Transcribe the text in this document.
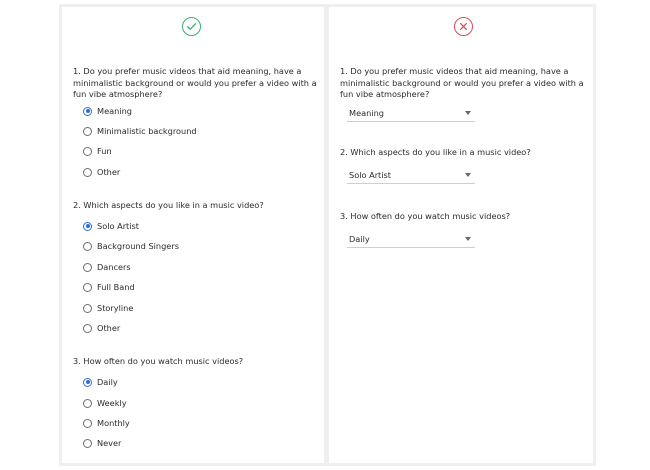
1. Do you prefer music videos that aid meaning, have a minimalistic background or would you prefer a video with a fun vibe atmosphere?
Meaning
Minimalistic background
Fun
Other
2. Which aspects do you like in a music video?
Solo Artist
Background Singers
Dancers
Full Band
Storyline
Other
3. How often do you watch music videos?
Daily
Weekly
Monthly
Never
1. Do you prefer music videos that aid meaning, have a minimalistic background or would you prefer a video with a fun vibe atmosphere?
Meaning
2. Which aspects do you like in a music video?
Solo Artist
3. How often do you watch music videos?
Daily
